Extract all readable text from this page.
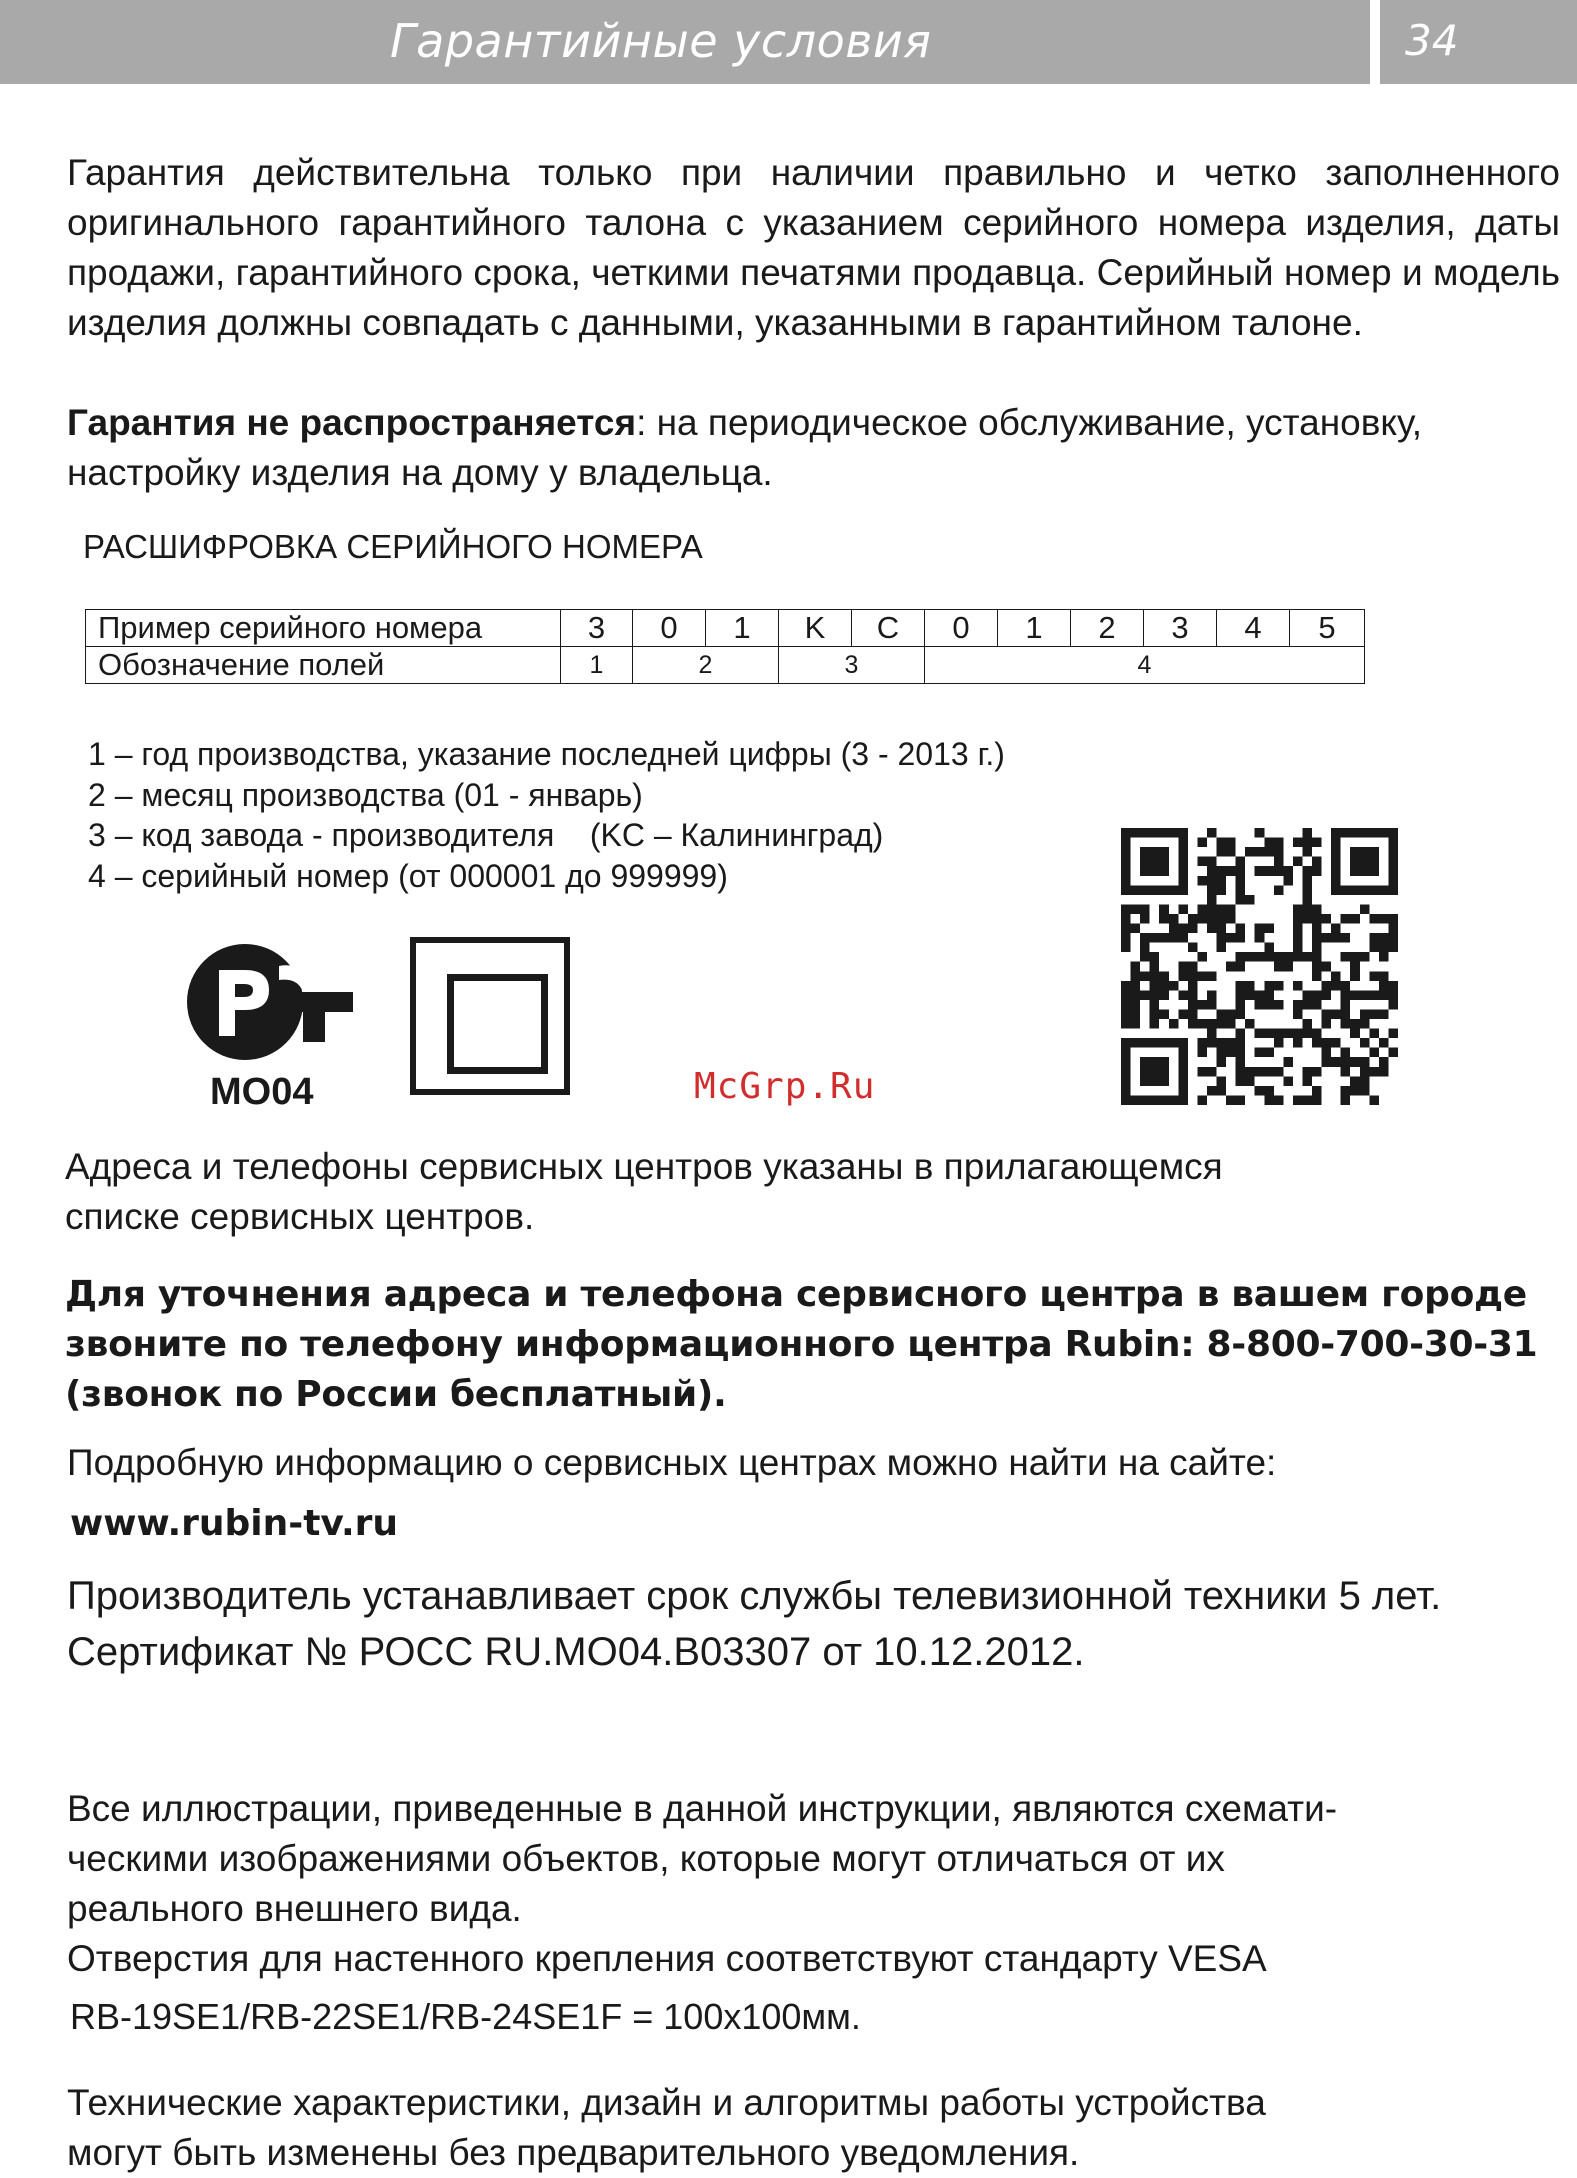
Гарантийные условия	34
Гарантия действительна только при наличии правильно и четко заполненного оригинального гарантийного талона с указанием серийного номера изделия, даты продажи, гарантийного срока, четкими печатями продавца. Серийный номер и модель изделия должны совпадать с данными, указанными в гарантийном талоне.
Гарантия не распространяется: на периодическое обслуживание, установку, настройку изделия на дому у владельца.
РАСШИФРОВКА СЕРИЙНОГО НОМЕРА
Пример серийного номера	3	0	1	K	C	0	1	2	3	4	5
Обозначение полей	1	2		3		4					
1 – год производства, указание последней цифры (3 - 2013 г.)
2 – месяц производства (01 - январь)
3 – код завода - производителя    (KC – Калининград)
4 – серийный номер (от 000001 до 999999)
MO04	McGrp.Ru
Адреса и телефоны сервисных центров указаны в прилагающемся списке сервисных центров.
Для уточнения адреса и телефона сервисного центра в вашем городе
звоните по телефону информационного центра Rubin: 8-800-700-30-31
(звонок по России бесплатный).
Подробную информацию о сервисных центрах можно найти на сайте:
www.rubin-tv.ru
Производитель устанавливает срок службы телевизионной техники 5 лет.
Сертификат № РОСС RU.MO04.B03307 от 10.12.2012.
Все иллюстрации, приведенные в данной инструкции, являются схемати-
ческими изображениями объектов, которые могут отличаться от их
реального внешнего вида.
Отверстия для настенного крепления соответствуют стандарту VESA
RB-19SE1/RB-22SE1/RB-24SE1F = 100x100мм.
Технические характеристики, дизайн и алгоритмы работы устройства
могут быть изменены без предварительного уведомления.
